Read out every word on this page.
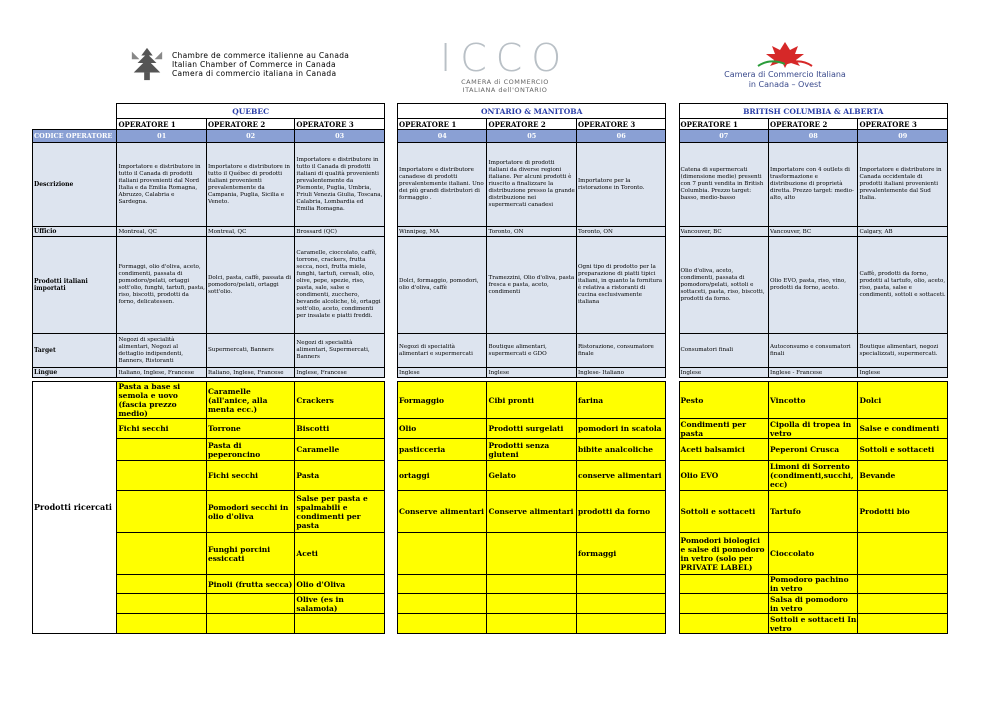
Chambre de commerce italienne au Canada
Italian Chamber of Commerce in Canada
Camera di commercio italiana in Canada	ICCO
CAMERA di COMMERCIO
ITALIANA dell'ONTARIO
Camera di Commercio Italiana
in Canada – Ovest
	QUEBEC				ONTARIO & MANITOBA				BRITISH COLUMBIA & ALBERTA		
	OPERATORE 1	OPERATORE 2	OPERATORE 3		OPERATORE 1	OPERATORE 2	OPERATORE 3		OPERATORE 1	OPERATORE 2	OPERATORE 3
CODICE OPERATORE	01	02	03		04	05	06		07	08	09
Descrizione	Importatore e distributore in tutto il Canada di prodotti italiani provenienti dal Nord Italia e da Emilia Romagna, Abruzzo, Calabria e Sardegna.	Importatore e distributore in tutto il Québec di prodotti italiani provenienti prevalentemente da Campania, Puglia, Sicilia e Veneto.	Importatore e distributore in tutto il Canada di prodotti italiani di qualità provenienti prevalentemente da Piemonte, Puglia, Umbria, Friuli Venezia Giulia, Toscana, Calabria, Lombardia ed Emilia Romagna.		Importatore e distributore canadese di prodotti prevalentemente italiani. Uno dei più grandi distributori di formaggio .	Importatore di prodotti italiani da diverse regioni italiane. Per alcuni prodotti è riuscito a finalizzare la distribuzione presso la grande distribuzione nei supermercati canadesi	Importatore per la ristorazione in Toronto.		Catena di supermercati (dimensione medie) presenti con 7 punti vendita in British Columbia. Prezzo target: basso, medio-basso	Importatore con 4 outlets di trasformazione e distribuzione di proprietà diretta. Prezzo target: medio-alto, alto	Importatore e distributore in Canada occidentale di prodotti italiani provenienti prevalentemente dal Sud Italia.
Ufficio	Montreal, QC	Montreal, QC	Brossard (QC)		Winnipeg, MA	Toronto, ON	Toronto, ON		Vancouver, BC	Vancouver, BC	Calgary, AB
Prodotti italiani importati	Formaggi, olio d'oliva, aceto, condimenti, passata di pomodoro/pelati, ortaggi sott'olio, funghi, tartufi, pasta, riso, biscotti, prodotti da forno, delicatessen.	Dolci, pasta, caffè, passata di pomodoro/pelati, ortaggi sott'olio.	Caramelle, cioccolato, caffè, torrone, crackers, frutta secca, noci, frutta miele, funghi, tartufi, cereali, olio, olive, pepe, spezie, riso, pasta, sale, salse e condimenti, zucchero, bevande alcoliche, tè, ortaggi sott'olio, aceto, condimenti per insalate e piatti freddi.		Dolci, formaggio, pomodori, olio d'oliva, caffè	Tramezzini, Olio d'oliva, pasta fresca e pasta, aceto, condimenti	Ogni tipo di prodotto per la preparazione di piatti tipici italiani, in quanto la fornitura è relativa a ristoranti di cucina esclusivamente italiana		Olio d'oliva, aceto, condimenti, passata di pomodoro/pelati, sottoli e sottaceti, pasta, riso, biscotti, prodotti da forno.	Olio EVO, pasta, riso, vino, prodotti da forno, aceto.	Caffè, prodotti da forno, prodotti al tartufo, olio, aceto, riso, pasta, salse e condimenti, sottoli e sottaceti.
Target	Negozi di specialità alimentari, Negozi al dettaglio indipendenti, Banners, Ristoranti	Supermercati, Banners	Negozi di specialità alimentari, Supermercati, Banners		Negozi di specialità alimentari e supermercati	Boutique alimentari, supermercati e GDO	Ristorazione, consumatore finale		Consumatori finali	Autoconsumo e consumatori finali	Boutique alimentari, negozi specializzati, supermercati.
Lingue	Italiano, Inglese, Francese	Italiano, Inglese, Francese	Inglese, Francese		Inglese	Inglese	Inglese- Italiano		Inglese	Inglese - Francese	Inglese

Prodotti ricercati	Pasta a base si semola e uovo (fascia prezzo medio)	Caramelle (all'anice, alla menta ecc.)	Crackers		Formaggio	Cibi pronti	farina		Pesto	Vincotto	Dolci
	Fichi secchi	Torrone	Biscotti		Olio	Prodotti surgelati	pomodori in scatola		Condimenti per pasta	Cipolla di tropea in vetro	Salse e condimenti
		Pasta di peperoncino	Caramelle		pasticceria	Prodotti senza glutenі	bibite analcoliche		Aceti balsamici	Peperoni Crusca	Sottoli e sottaceti
		Fichi secchi	Pasta		ortaggi	Gelato	conserve alimentari		Olio EVO	Limoni di Sorrento (condimenti,succhi, ecc)	Bevande
		Pomodori secchi in olio d'oliva	Salse per pasta e spalmabili e condimenti per pasta		Conserve alimentari	Conserve alimentari	prodotti da forno		Sottoli e sottaceti	Tartufo	Prodotti bio
		Funghi porcini essiccati	Aceti				formaggi		Pomodori biologici e salse di pomodoro in vetro (solo per PRIVATE LABEL)	Cioccolato	
		Pinoli (frutta secca)	Olio d'Oliva							Pomodoro pachino in vetro	
			Olive (es in salamoia)							Salsa di pomodoro in vetro	
										Sottoli e sottaceti In vetro	
